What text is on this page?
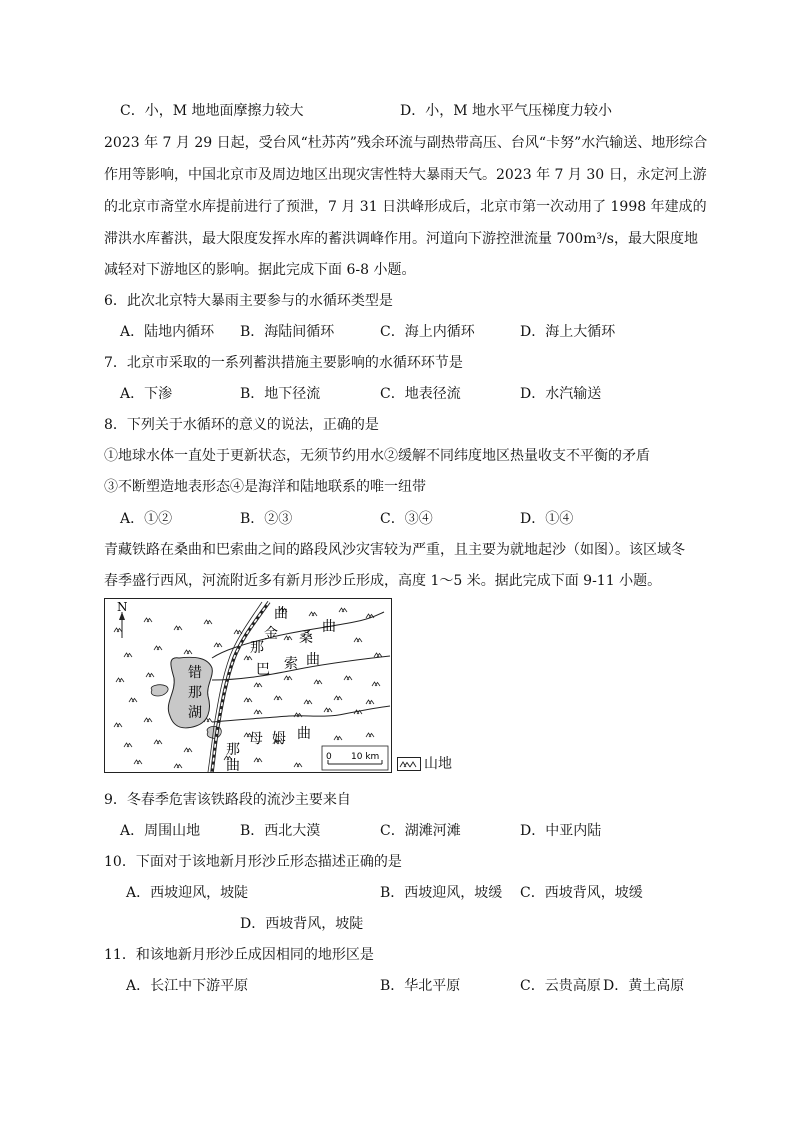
C．小，M 地地面摩擦力较大	D．小，M 地水平气压梯度力较小
2023 年 7 月 29 日起，受台风“杜苏芮”残余环流与副热带高压、台风“卡努”水汽输送、地形综合
作用等影响，中国北京市及周边地区出现灾害性特大暴雨天气。2023 年 7 月 30 日，永定河上游
的北京市斋堂水库提前进行了预泄，7 月 31 日洪峰形成后，北京市第一次动用了 1998 年建成的
滞洪水库蓄洪，最大限度发挥水库的蓄洪调峰作用。河道向下游控泄流量 700m³/s，最大限度地
减轻对下游地区的影响。据此完成下面 6-8 小题。
6．此次北京特大暴雨主要参与的水循环类型是
A．陆地内循环 B．海陆间循环	C．海上内循环	D．海上大循环
7．北京市采取的一系列蓄洪措施主要影响的水循环环节是
A．下渗	B．地下径流	C．地表径流	D．水汽输送
8．下列关于水循环的意义的说法，正确的是
①地球水体一直处于更新状态，无须节约用水②缓解不同纬度地区热量收支不平衡的矛盾
③不断塑造地表形态④是海洋和陆地联系的唯一纽带
A．①②	B．②③	C．③④	D．①④
青藏铁路在桑曲和巴索曲之间的路段风沙灾害较为严重，且主要为就地起沙（如图）。该区域冬
春季盛行西风，河流附近多有新月形沙丘形成，高度 1～5 米。据此完成下面 9-11 小题。
N
错
那
湖
曲
金 桑
曲
那
巴 索 曲
母 姆 曲
那
曲
0 10 km	山地
9．冬春季危害该铁路段的流沙主要来自
A．周围山地	B．西北大漠	C．湖滩河滩	D．中亚内陆
10．下面对于该地新月形沙丘形态描述正确的是
A．西坡迎风，坡陡	B．西坡迎风，坡缓 C．西坡背风，坡缓
D．西坡背风，坡陡
11．和该地新月形沙丘成因相同的地形区是
A．长江中下游平原	B．华北平原	C．云贵高原 D．黄土高原
